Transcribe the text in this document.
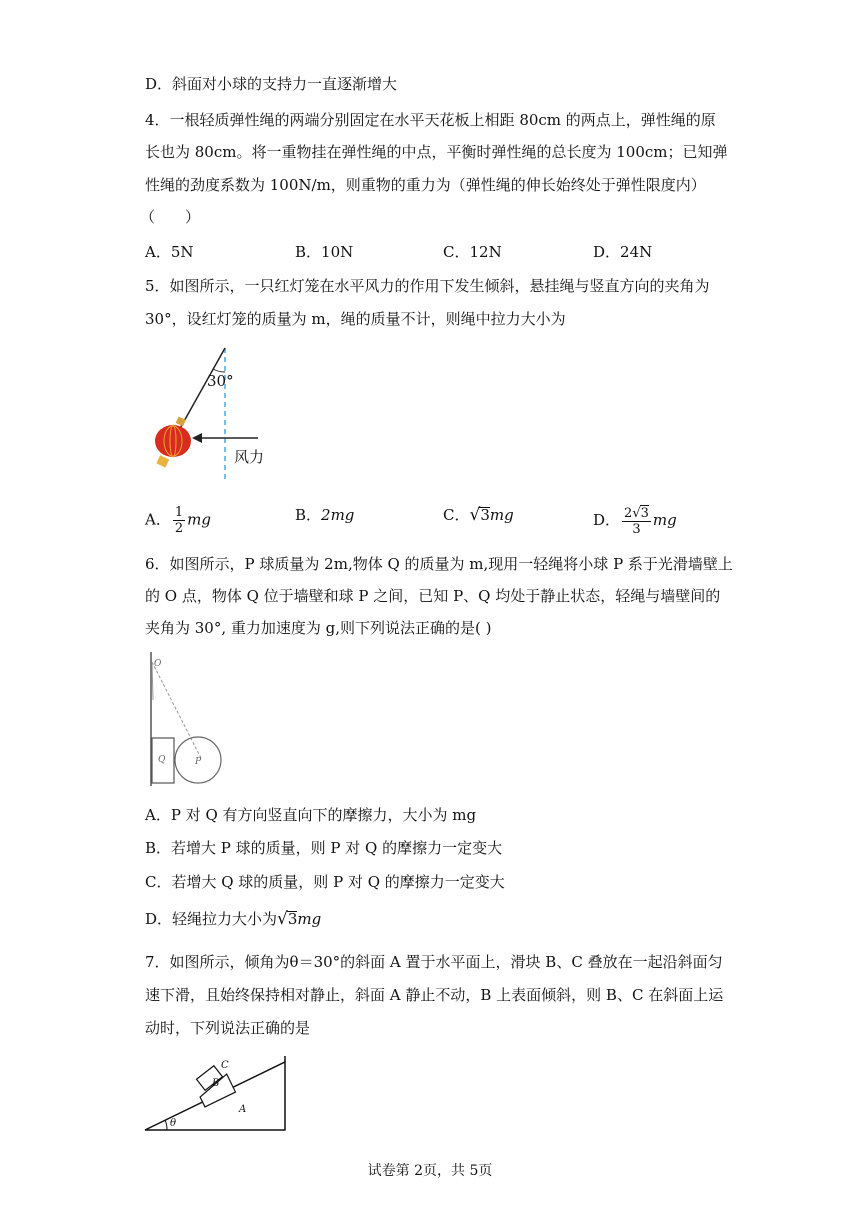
D．斜面对小球的支持力一直逐渐增大
4．一根轻质弹性绳的两端分别固定在水平天花板上相距 80cm 的两点上，弹性绳的原
长也为 80cm。将一重物挂在弹性绳的中点，平衡时弹性绳的总长度为 100cm；已知弹
性绳的劲度系数为 100N/m，则重物的重力为（弹性绳的伸长始终处于弹性限度内）
（　　）
A．5N	B．10N	C．12N	D．24N
5．如图所示，一只红灯笼在水平风力的作用下发生倾斜，悬挂绳与竖直方向的夹角为
30°，设红灯笼的质量为 m，绳的质量不计，则绳中拉力大小为
30°
风力
A． $\frac{1}{2}$ mg	B．2mg	C．√3mg	D． $\frac{2√3}{3}$ mg
6．如图所示，P 球质量为 2m,物体 Q 的质量为 m,现用一轻绳将小球 P 系于光滑墙壁上
的 O 点，物体 Q 位于墙壁和球 P 之间，已知 P、Q 均处于静止状态，轻绳与墙壁间的
夹角为 30°, 重力加速度为 g,则下列说法正确的是( )
O
Q	P
A．P 对 Q 有方向竖直向下的摩擦力，大小为 mg
B．若增大 P 球的质量，则 P 对 Q 的摩擦力一定变大
C．若增大 Q 球的质量，则 P 对 Q 的摩擦力一定变大
D．轻绳拉力大小为√3mg
7．如图所示，倾角为θ＝30°的斜面 A 置于水平面上，滑块 B、C 叠放在一起沿斜面匀
速下滑，且始终保持相对静止，斜面 A 静止不动，B 上表面倾斜，则 B、C 在斜面上运
动时，下列说法正确的是
θ
A
B
C
试卷第 2页，共 5页
